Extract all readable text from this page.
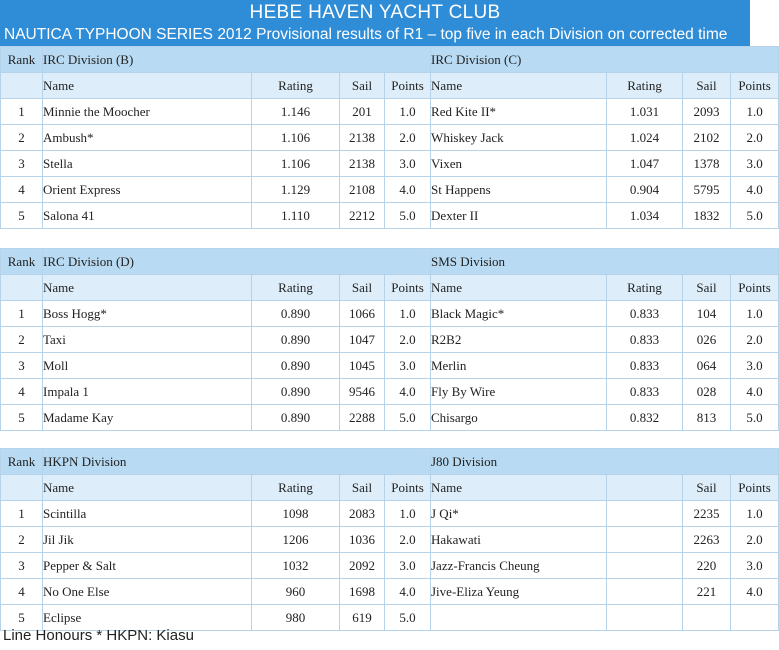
HEBE HAVEN YACHT CLUB
NAUTICA TYPHOON SERIES 2012 Provisional results of R1 – top five in each Division on corrected time
Rank	IRC Division (B)				IRC Division (C)			
	Name	Rating	Sail	Points	Name	Rating	Sail	Points
1	Minnie the Moocher	1.146	201	1.0	Red Kite II*	1.031	2093	1.0
2	Ambush*	1.106	2138	2.0	Whiskey Jack	1.024	2102	2.0
3	Stella	1.106	2138	3.0	Vixen	1.047	1378	3.0
4	Orient Express	1.129	2108	4.0	St Happens	0.904	5795	4.0
5	Salona 41	1.110	2212	5.0	Dexter II	1.034	1832	5.0
Rank	IRC Division (D)				SMS Division			
	Name	Rating	Sail	Points	Name	Rating	Sail	Points
1	Boss Hogg*	0.890	1066	1.0	Black Magic*	0.833	104	1.0
2	Taxi	0.890	1047	2.0	R2B2	0.833	026	2.0
3	Moll	0.890	1045	3.0	Merlin	0.833	064	3.0
4	Impala 1	0.890	9546	4.0	Fly By Wire	0.833	028	4.0
5	Madame Kay	0.890	2288	5.0	Chisargo	0.832	813	5.0
Rank	HKPN Division				J80 Division			
	Name	Rating	Sail	Points	Name		Sail	Points
1	Scintilla	1098	2083	1.0	J Qi*		2235	1.0
2	Jil Jik	1206	1036	2.0	Hakawati		2263	2.0
3	Pepper & Salt	1032	2092	3.0	Jazz-Francis Cheung		220	3.0
4	No One Else	960	1698	4.0	Jive-Eliza Yeung		221	4.0
5	Eclipse	980	619	5.0				
Line Honours * HKPN: Kiasu
